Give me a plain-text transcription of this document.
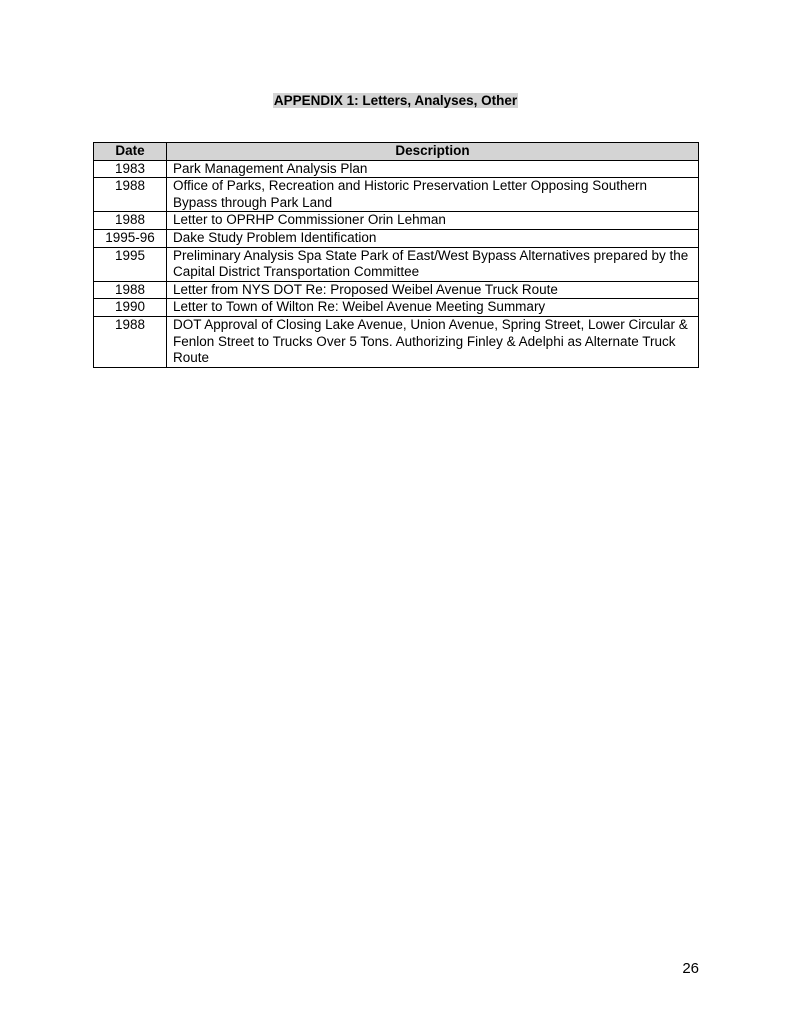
APPENDIX 1: Letters, Analyses, Other
Date	Description
1983	Park Management Analysis Plan
1988	Office of Parks, Recreation and Historic Preservation Letter Opposing Southern Bypass through Park Land
1988	Letter to OPRHP Commissioner Orin Lehman
1995-96	Dake Study Problem Identification
1995	Preliminary Analysis Spa State Park of East/West Bypass Alternatives prepared by the Capital District Transportation Committee
1988	Letter from NYS DOT Re: Proposed Weibel Avenue Truck Route
1990	Letter to Town of Wilton Re: Weibel Avenue Meeting Summary
1988	DOT Approval of Closing Lake Avenue, Union Avenue, Spring Street, Lower Circular & Fenlon Street to Trucks Over 5 Tons. Authorizing Finley & Adelphi as Alternate Truck Route
26
